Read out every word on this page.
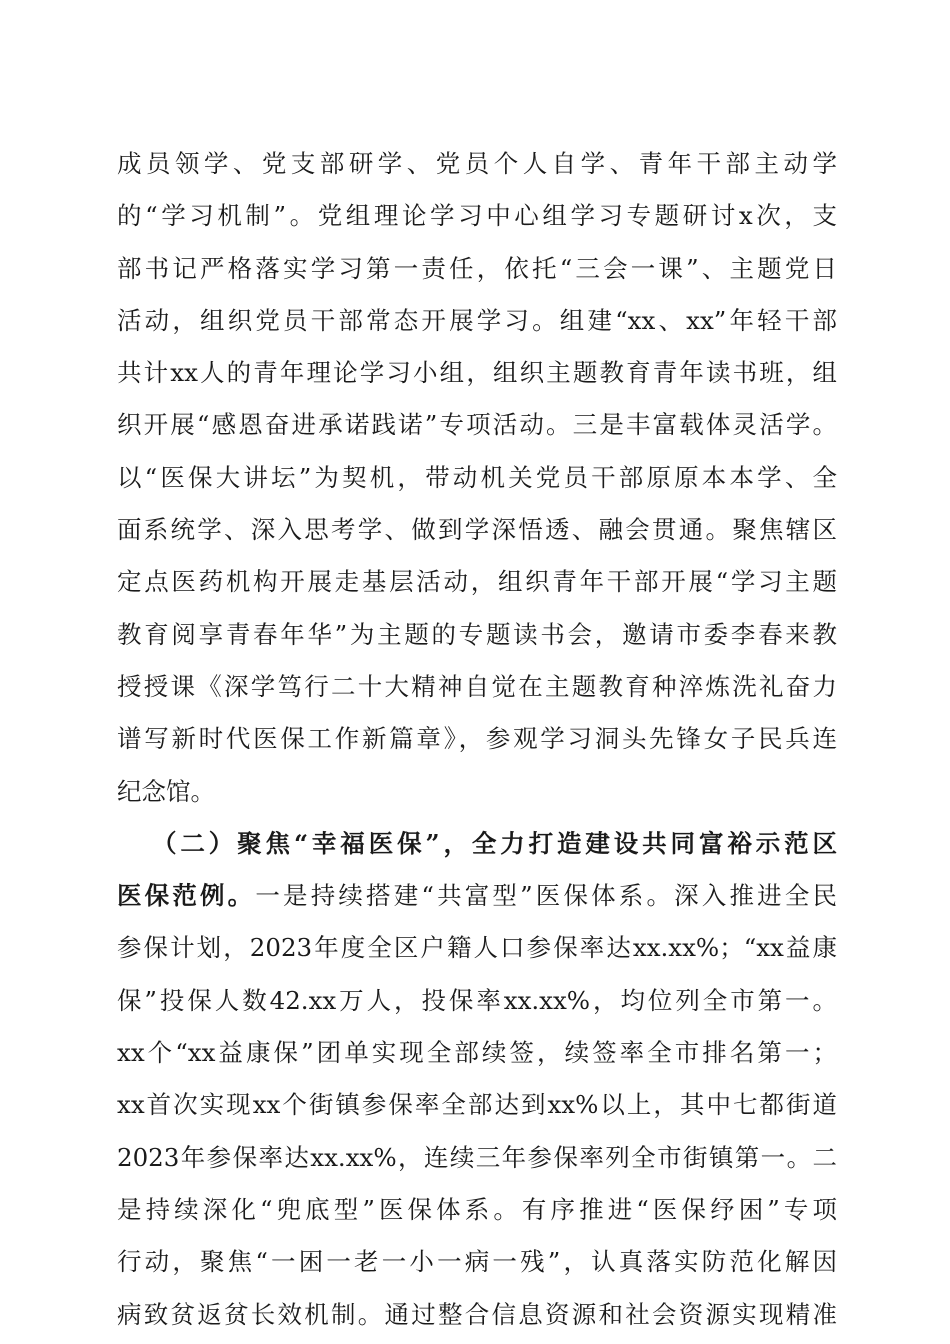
成员领学、党支部研学、党员个人自学、青年干部主动学
的“学习机制”。党组理论学习中心组学习专题研讨x次，支
部书记严格落实学习第一责任，依托“三会一课”、主题党日
活动，组织党员干部常态开展学习。组建“xx、xx”年轻干部
共计xx人的青年理论学习小组，组织主题教育青年读书班，组
织开展“感恩奋进承诺践诺”专项活动。三是丰富载体灵活学。
以“医保大讲坛”为契机，带动机关党员干部原原本本学、全
面系统学、深入思考学、做到学深悟透、融会贯通。聚焦辖区
定点医药机构开展走基层活动，组织青年干部开展“学习主题
教育阅享青春年华”为主题的专题读书会，邀请市委李春来教
授授课《深学笃行二十大精神自觉在主题教育种淬炼洗礼奋力
谱写新时代医保工作新篇章》，参观学习洞头先锋女子民兵连
纪念馆。
（二）聚焦“幸福医保”，全力打造建设共同富裕示范区
医保范例。一是持续搭建“共富型”医保体系。深入推进全民
参保计划，2023年度全区户籍人口参保率达xx.xx%；“xx益康
保”投保人数42.xx万人，投保率xx.xx%，均位列全市第一。
xx个“xx益康保”团单实现全部续签，续签率全市排名第一；
xx首次实现xx个街镇参保率全部达到xx%以上，其中七都街道
2023年参保率达xx.xx%，连续三年参保率列全市街镇第一。二
是持续深化“兜底型”医保体系。有序推进“医保纾困”专项
行动，聚焦“一困一老一小一病一残”，认真落实防范化解因
病致贫返贫长效机制。通过整合信息资源和社会资源实现精准
